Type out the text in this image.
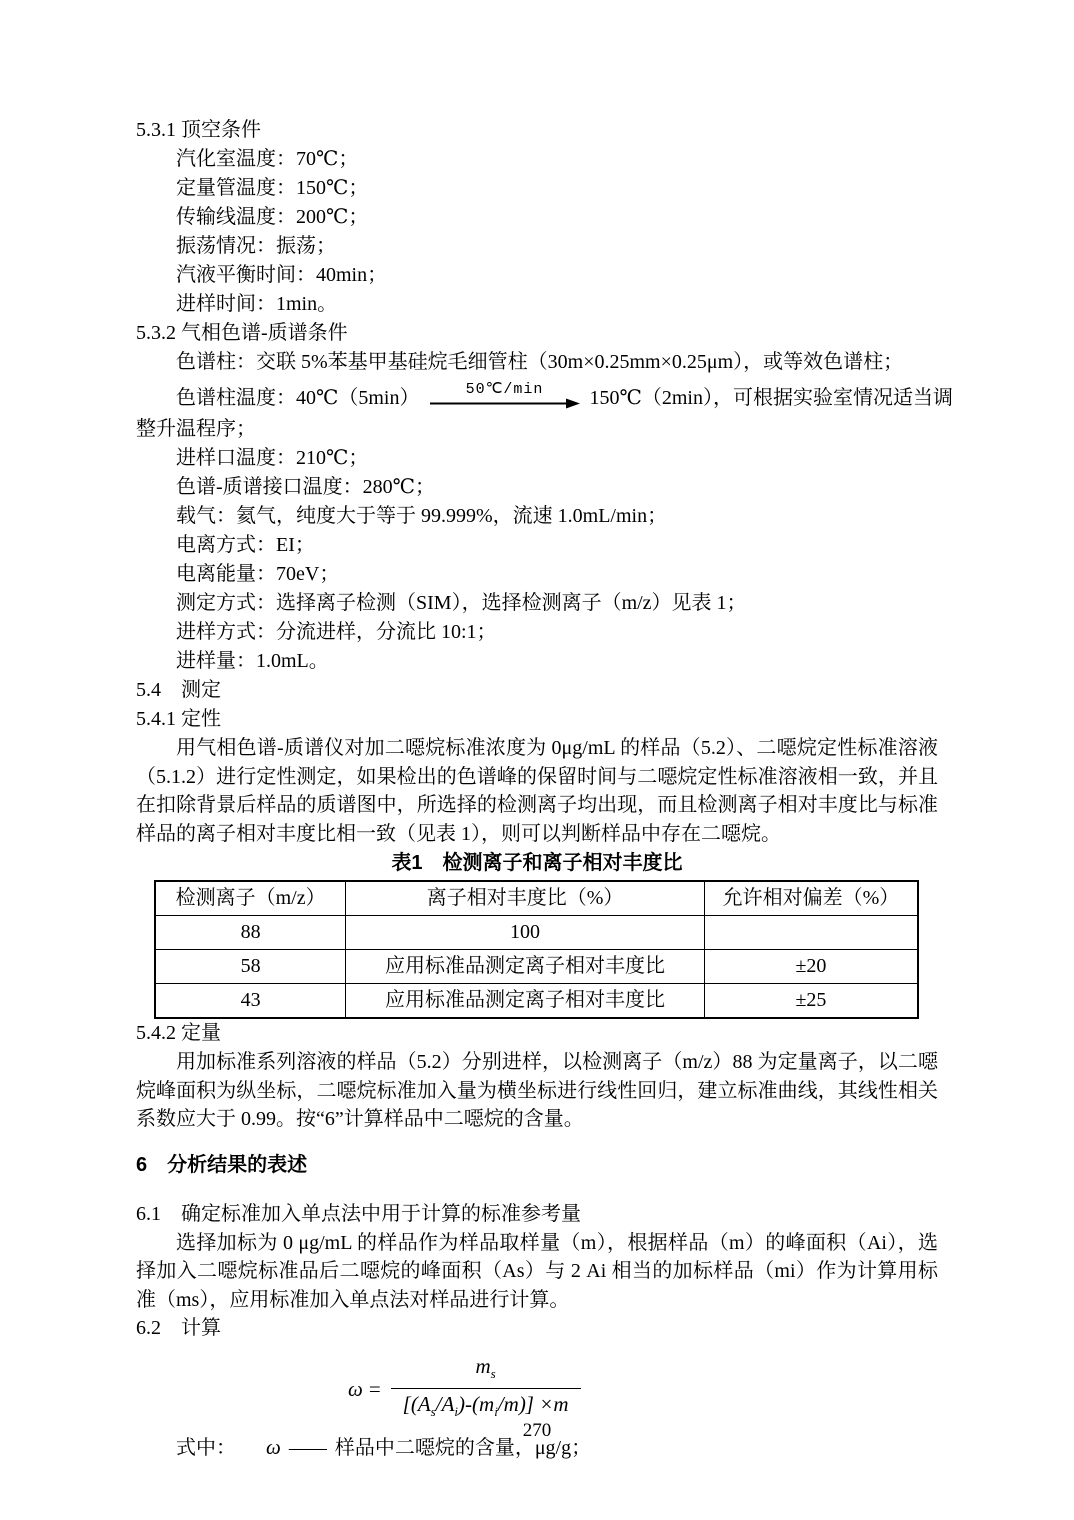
5.3.1 顶空条件
汽化室温度：70℃；
定量管温度：150℃；
传输线温度：200℃；
振荡情况：振荡；
汽液平衡时间：40min；
进样时间：1min。
5.3.2 气相色谱-质谱条件
色谱柱：交联 5%苯基甲基硅烷毛细管柱（30m×0.25mm×0.25μm），或等效色谱柱；
色谱柱温度：40℃（5min）	50℃/min 150℃（2min），可根据实验室情况适当调
整升温程序；
进样口温度：210℃；
色谱-质谱接口温度：280℃；
载气：氦气，纯度大于等于 99.999%，流速 1.0mL/min；
电离方式：EI；
电离能量：70eV；
测定方式：选择离子检测（SIM），选择检测离子（m/z）见表 1；
进样方式：分流进样，分流比 10:1；
进样量：1.0mL。
5.4　测定
5.4.1 定性

用气相色谱-质谱仪对加二噁烷标准浓度为 0μg/mL 的样品（5.2）、二噁烷定性标准溶液（5.1.2）进行定性测定，如果检出的色谱峰的保留时间与二噁烷定性标准溶液相一致，并且在扣除背景后样品的质谱图中，所选择的检测离子均出现，而且检测离子相对丰度比与标准样品的离子相对丰度比相一致（见表 1），则可以判断样品中存在二噁烷。

表1　检测离子和离子相对丰度比
检测离子（m/z）	离子相对丰度比（%）	允许相对偏差（%）
88	100	
58	应用标准品测定离子相对丰度比	±20
43	应用标准品测定离子相对丰度比	±25
5.4.2 定量

用加标准系列溶液的样品（5.2）分别进样，以检测离子（m/z）88 为定量离子，以二噁烷峰面积为纵坐标，二噁烷标准加入量为横坐标进行线性回归，建立标准曲线，其线性相关系数应大于 0.99。按“6”计算样品中二噁烷的含量。

6 分析结果的表述
6.1　确定标准加入单点法中用于计算的标准参考量

选择加标为 0 μg/mL 的样品作为样品取样量（m），根据样品（m）的峰面积（Ai），选择加入二噁烷标准品后二噁烷的峰面积（As）与 2 Ai 相当的加标样品（mi）作为计算用标准（ms），应用标准加入单点法对样品进行计算。

6.2　计算
$\omega = \frac{m_s}{[(A_s/A_i)-(m_i/m)] \times m}$
式中： ω —— 样品中二噁烷的含量，μg/g；
270
